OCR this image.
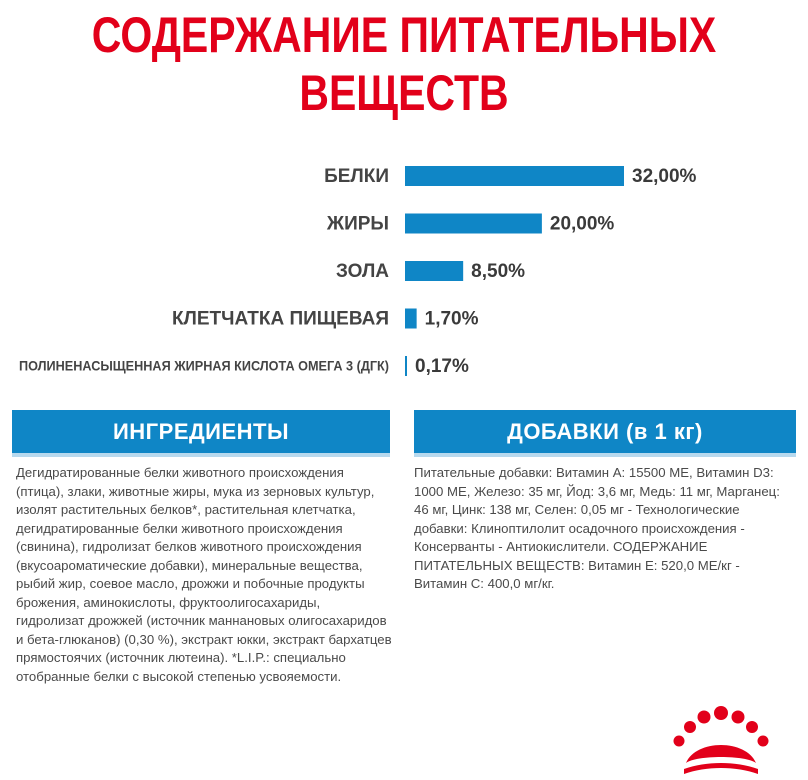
СОДЕРЖАНИЕ ПИТАТЕЛЬНЫХ
ВЕЩЕСТВ
БЕЛКИ	32,00%
ЖИРЫ	20,00%
ЗОЛА	8,50%
КЛЕТЧАТКА ПИЩЕВАЯ 1,70%
ПОЛИНЕНАСЫЩЕННАЯ ЖИРНАЯ КИСЛОТА ОМЕГА 3 (ДГК) 0,17%
ИНГРЕДИЕНТЫ

Дегидратированные белки животного происхождения (птица), злаки, животные жиры, мука из зерновых культур, изолят растительных белков*, растительная клетчатка, дегидратированные белки животного происхождения (свинина), гидролизат белков животного происхождения (вкусоароматические добавки), минеральные вещества, рыбий жир, соевое масло, дрожжи и побочные продукты брожения, аминокислоты, фруктоолигосахариды, гидролизат дрожжей (источник маннановых олигосахаридов и бета-глюканов) (0,30 %), экстракт юкки, экстракт бархатцев прямостоячих (источник лютеина). *L.I.P.: специально отобранные белки с высокой степенью усвояемости.

ДОБАВКИ (в 1 кг)

Питательные добавки: Витамин A: 15500 МЕ, Витамин D3: 1000 МЕ, Железо: 35 мг, Йод: 3,6 мг, Медь: 11 мг, Марганец: 46 мг, Цинк: 138 мг, Селен: 0,05 мг - Технологические добавки: Клиноптилолит осадочного происхождения - Консерванты - Антиокислители. СОДЕРЖАНИЕ ПИТАТЕЛЬНЫХ ВЕЩЕСТВ: Витамин E: 520,0 МЕ/кг - Витамин C: 400,0 мг/кг.
